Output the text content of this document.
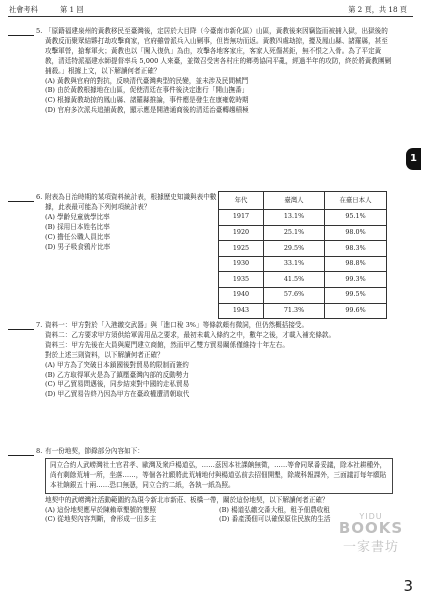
社會考科	第 1 回	第 2 頁，共 18 頁
1
5. 「原籍福建泉州的黃教移民至臺灣後，定居於大目降（今臺南市新化區）山區，黃教後來因竊盜而被捕入獄，出獄後的黃教反而聚眾結夥打劫攻擊商家，官府雖曾派兵入山剿事，但皆無功而返。黃教四處劫掠，擾及鳳山縣、諸羅縣，甚至攻擊軍營，搶奪軍火；黃教也以「闖入復仇」為由，攻擊各地客家庄，客家人死傷甚鉅，無不恨之入骨。為了平定黃教，清廷特派福建水師提督率兵 5,000 人來臺，並徵召受害各村庄的鄉勇協同平亂，經過半年的攻防，終於將黃教團剿捕殺。」根據上文，以下解讀何者正確？

(A) 黃教與官府的對抗，反映清代臺灣典型的民變，並未涉及民間械鬥

(B) 由於黃教根據地在山區，促使清廷在事件後決定進行「開山撫番」

(C) 根據黃教劫掠的鳳山縣、諸羅縣推論，事件應是發生在康雍乾時期

(D) 官府多次派兵追捕黃教，顯示應是開港通商後的清廷治臺轉趨積極

6. 附表為日治時期的某項資料統計表，根據歷史知識與表中數據，此表最可能為下列何項統計表？

(A) 學齡兒童就學比率

(B) 採用日本姓名比率

(C) 擔任公職人員比率

(D) 男子吸食鴉片比率

年代	臺灣人	在臺日本人
1917	13.1%	95.1%
1920	25.1%	98.0%
1925	29.5%	98.3%
1930	33.1%	98.8%
1935	41.5%	99.3%
1940	57.6%	99.5%
1943	71.3%	99.6%
7. 資料一：甲方對於「入港繳交武器」與「進口稅 3%」等條款頗有微詞，但仍然概括接受。

資料二：乙方要求甲方須供給軍需用品之要求，最初未載入條約之中，數年之後，才載入補充條款。

資料三：甲方先後在大員與廈門建立商館，然而甲乙雙方貿易關係僅維持十年左右。

對於上述三則資料，以下解讀何者正確？

(A) 甲方為了突破日本鎖國後對貿易的限制而簽約

(B) 乙方取得軍火是為了鎮壓臺灣內部的反動勢力

(C) 甲乙貿易問邁後，同步結束對中國的走私貿易

(D) 甲乙貿易告終乃因為甲方在臺政權遭清朝取代

8. 有一份地契，節錄部分內容如下：

同立合約人武嶗灣社土官君孝、歐灣及衆戶楊道弘，……茲因本社課餉無徵，……等會同眾番妥議，除本社耕種外，尚有剩餘荒埔一所，坐落……，等個各社願將此荒埔地付與楊道弘前去招佃開墾，除歲科報課外，三面議訂每年願貼本社餉銀五十兩……恐口無憑，同立合約二紙，各執一紙為照。

地契中的武嶗灣社活動範圍約為現今新北市新莊、板橋一帶，關於這份地契，以下解讀何者正確？

(A) 這份地契應早於陳賴章墾號的墾照	(B) 楊道弘繳交番大租，租予佃農收租

(C) 從地契內容判斷，會形成一田多主	(D) 番產漢佃可以確保原住民族的生活	YIDU
BOOKS
一家書坊
3
